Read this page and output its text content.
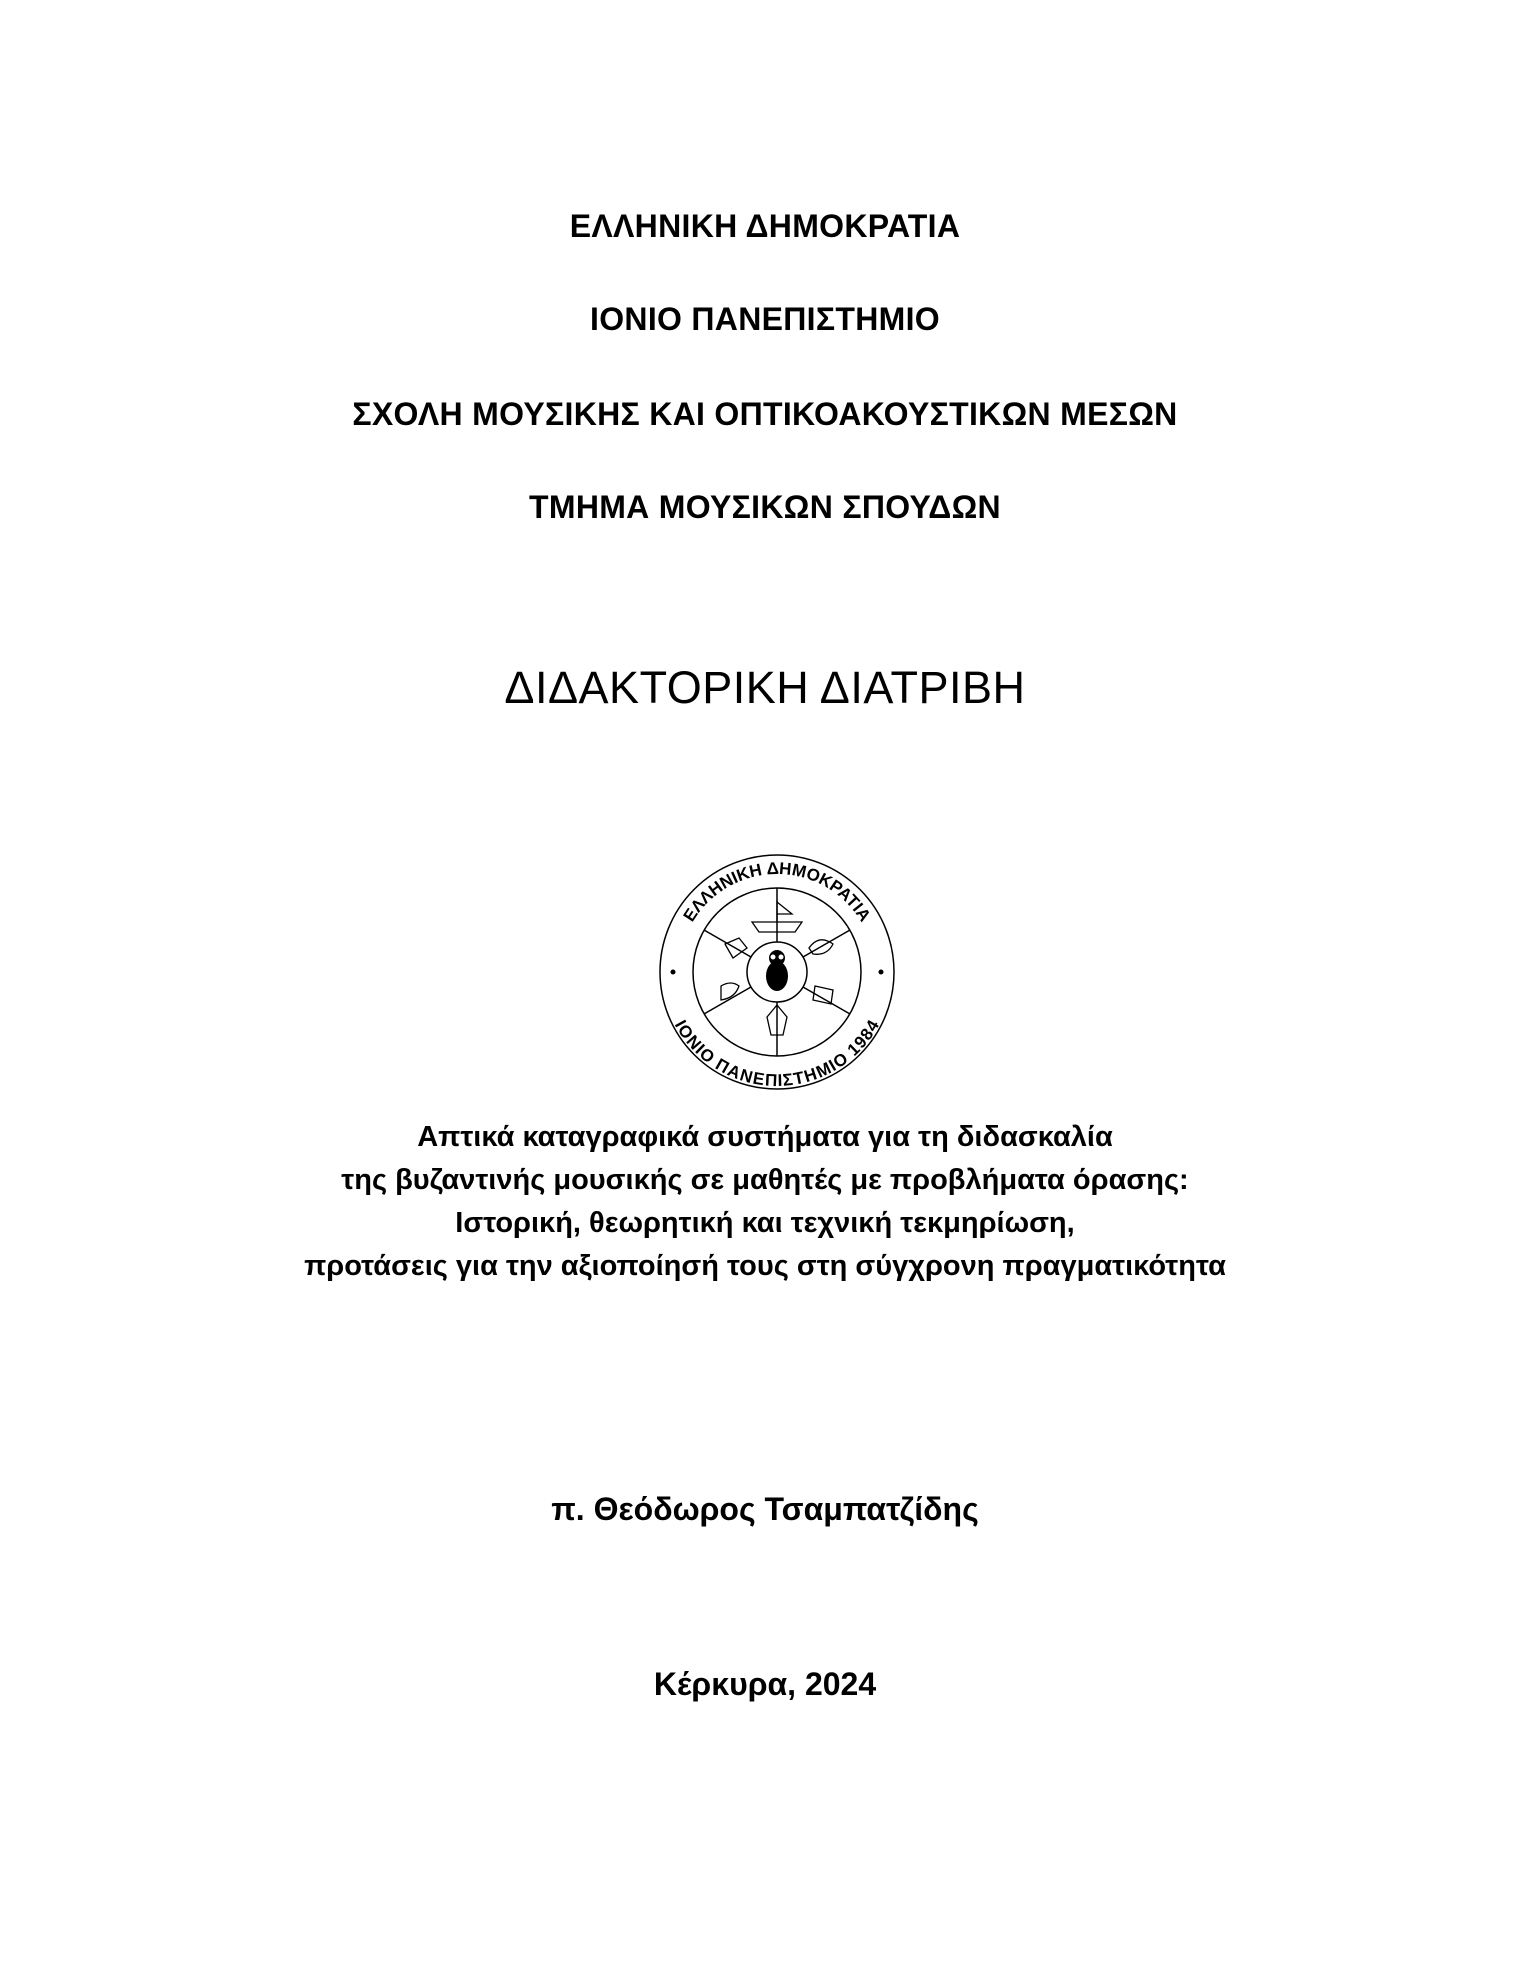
ΕΛΛΗΝΙΚΗ ΔΗΜΟΚΡΑΤΙΑ
ΙΟΝΙΟ ΠΑΝΕΠΙΣΤΗΜΙΟ
ΣΧΟΛΗ ΜΟΥΣΙΚΗΣ ΚΑΙ ΟΠΤΙΚΟΑΚΟΥΣΤΙΚΩΝ ΜΕΣΩΝ
ΤΜΗΜΑ ΜΟΥΣΙΚΩΝ ΣΠΟΥΔΩΝ
ΔΙΔΑΚΤΟΡΙΚΗ ΔΙΑΤΡΙΒΗ
ΕΛΛΗΝΙΚΗ ΔΗΜΟΚΡΑΤΙΑ
ΙΟΝΙΟ ΠΑΝΕΠΙΣΤΗΜΙΟ 1984
Απτικά καταγραφικά συστήματα για τη διδασκαλία
της βυζαντινής μουσικής σε μαθητές με προβλήματα όρασης:
Ιστορική, θεωρητική και τεχνική τεκμηρίωση,
προτάσεις για την αξιοποίησή τους στη σύγχρονη πραγματικότητα
π. Θεόδωρος Τσαμπατζίδης
Κέρκυρα, 2024
